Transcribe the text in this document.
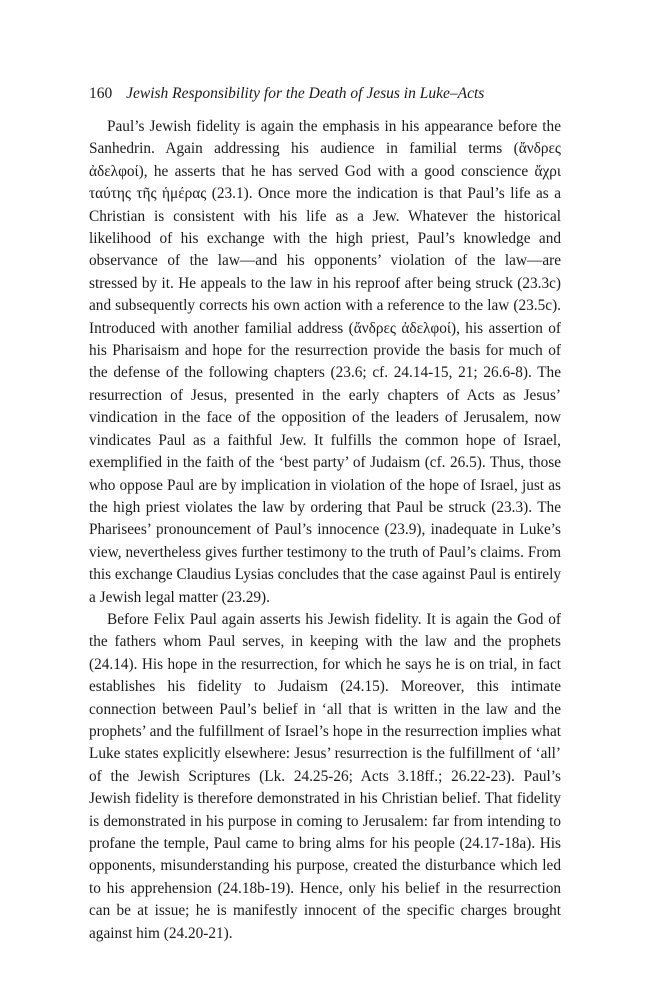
160 Jewish Responsibility for the Death of Jesus in Luke–Acts

Paul’s Jewish fidelity is again the emphasis in his appearance before the Sanhedrin. Again addressing his audience in familial terms (ἄνδρες ἀδελφοί), he asserts that he has served God with a good conscience ἄχρι ταύτης τῆς ἡμέρας (23.1). Once more the indication is that Paul’s life as a Christian is consistent with his life as a Jew. Whatever the historical likelihood of his exchange with the high priest, Paul’s knowledge and observance of the law—and his opponents’ violation of the law—are stressed by it. He appeals to the law in his reproof after being struck (23.3c) and subsequently corrects his own action with a reference to the law (23.5c). Introduced with another familial address (ἄνδρες ἀδελφοί), his assertion of his Pharisaism and hope for the resurrection provide the basis for much of the defense of the following chapters (23.6; cf. 24.14-15, 21; 26.6-8). The resurrection of Jesus, presented in the early chapters of Acts as Jesus’ vindication in the face of the opposition of the leaders of Jerusalem, now vindicates Paul as a faithful Jew. It fulfills the common hope of Israel, exemplified in the faith of the ‘best party’ of Judaism (cf. 26.5). Thus, those who oppose Paul are by implication in violation of the hope of Israel, just as the high priest violates the law by ordering that Paul be struck (23.3). The Pharisees’ pronouncement of Paul’s innocence (23.9), inadequate in Luke’s view, nevertheless gives further testimony to the truth of Paul’s claims. From this exchange Claudius Lysias concludes that the case against Paul is entirely a Jewish legal matter (23.29).

Before Felix Paul again asserts his Jewish fidelity. It is again the God of the fathers whom Paul serves, in keeping with the law and the prophets (24.14). His hope in the resurrection, for which he says he is on trial, in fact establishes his fidelity to Judaism (24.15). Moreover, this intimate connection between Paul’s belief in ‘all that is written in the law and the prophets’ and the fulfillment of Israel’s hope in the resurrection implies what Luke states explicitly elsewhere: Jesus’ resurrection is the fulfillment of ‘all’ of the Jewish Scriptures (Lk. 24.25-26; Acts 3.18ff.; 26.22-23). Paul’s Jewish fidelity is therefore demonstrated in his Christian belief. That fidelity is demonstrated in his purpose in coming to Jerusalem: far from intending to profane the temple, Paul came to bring alms for his people (24.17-18a). His opponents, misunderstanding his purpose, created the disturbance which led to his apprehension (24.18b-19). Hence, only his belief in the resurrection can be at issue; he is manifestly innocent of the specific charges brought against him (24.20-21).
